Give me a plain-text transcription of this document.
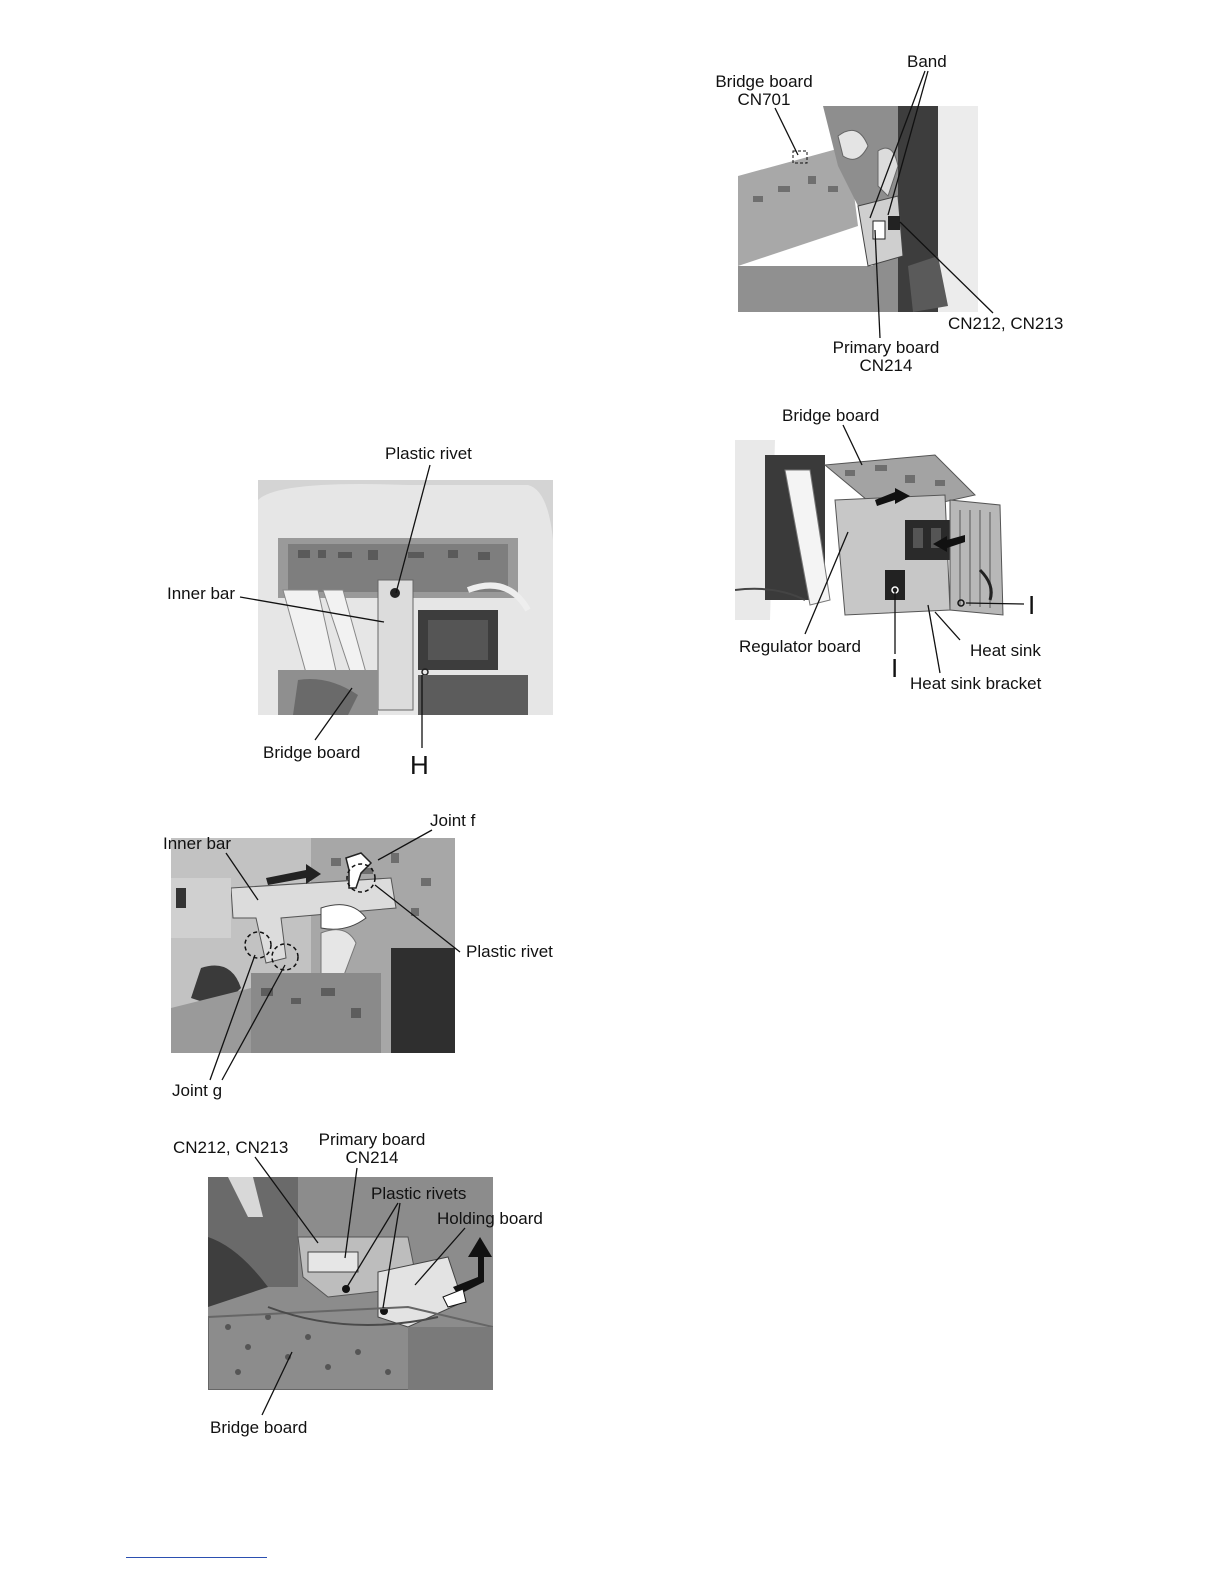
Plastic rivet
Inner bar
Bridge board H
Inner bar
Joint f
Plastic rivet
Joint g
CN212, CN213	Primary board
CN214
Plastic rivets
Holding board
Bridge board
Band
Bridge board
CN701
CN212, CN213
Primary board
CN214
Bridge board
Regulator board	Heat sink
Heat sink bracket
I
I
